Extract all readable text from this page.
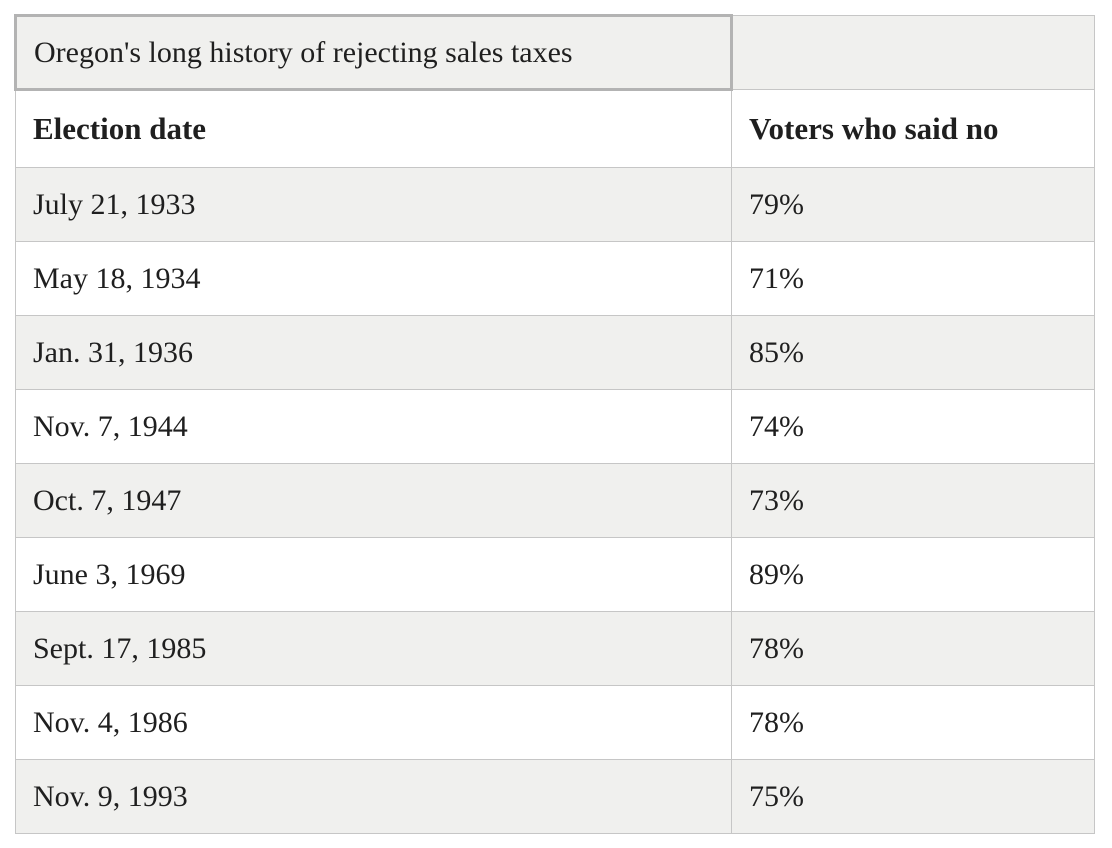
Oregon's long history of rejecting sales taxes	
Election date	Voters who said no
July 21, 1933	79%
May 18, 1934	71%
Jan. 31, 1936	85%
Nov. 7, 1944	74%
Oct. 7, 1947	73%
June 3, 1969	89%
Sept. 17, 1985	78%
Nov. 4, 1986	78%
Nov. 9, 1993	75%
